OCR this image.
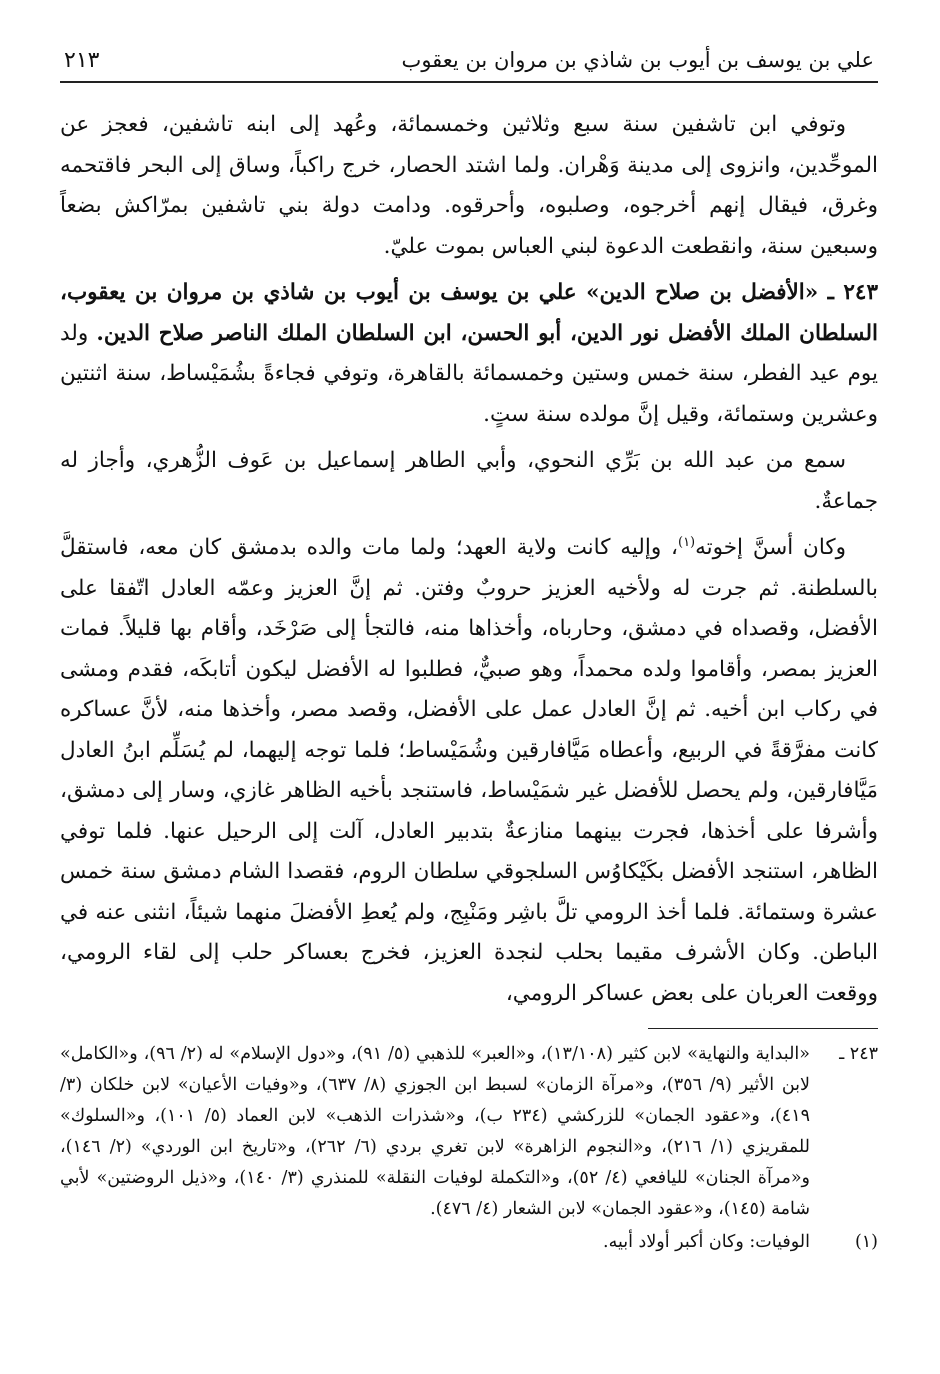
علي بن يوسف بن أيوب بن شاذي بن مروان بن يعقوب
٢١٣

وتوفي ابن تاشفين سنة سبع وثلاثين وخمسمائة، وعُهد إلى ابنه تاشفين، فعجز عن الموحِّدين، وانزوى إلى مدينة وَهْران. ولما اشتد الحصار، خرج راكباً، وساق إلى البحر فاقتحمه وغرق، فيقال إنهم أخرجوه، وصلبوه، وأحرقوه. ودامت دولة بني تاشفين بمرّاكش بضعاً وسبعين سنة، وانقطعت الدعوة لبني العباس بموت عليّ.

٢٤٣ ـ «الأفضل بن صلاح الدين» علي بن يوسف بن أيوب بن شاذي بن مروان بن يعقوب، السلطان الملك الأفضل نور الدين، أبو الحسن، ابن السلطان الملك الناصر صلاح الدين. ولد يوم عيد الفطر، سنة خمس وستين وخمسمائة بالقاهرة، وتوفي فجاءةً بشُمَيْساط، سنة اثنتين وعشرين وستمائة، وقيل إنَّ مولده سنة ستٍ.

سمع من عبد الله بن بَرِّي النحوي، وأبي الطاهر إسماعيل بن عَوف الزُّهري، وأجاز له جماعةٌ.

وكان أسنَّ إخوته$^{(١)}$، وإليه كانت ولاية العهد؛ ولما مات والده بدمشق كان معه، فاستقلَّ بالسلطنة. ثم جرت له ولأخيه العزيز حروبٌ وفتن. ثم إنَّ العزيز وعمّه العادل اتّفقا على الأفضل، وقصداه في دمشق، وحارباه، وأخذاها منه، فالتجأ إلى صَرْخَد، وأقام بها قليلاً. فمات العزيز بمصر، وأقاموا ولده محمداً، وهو صبيٌّ، فطلبوا له الأفضل ليكون أتابكَه، فقدم ومشى في ركاب ابن أخيه. ثم إنَّ العادل عمل على الأفضل، وقصد مصر، وأخذها منه، لأنَّ عساكره كانت مفرَّقةً في الربيع، وأعطاه مَيَّافارقين وشُمَيْساط؛ فلما توجه إليهما، لم يُسَلِّم ابنُ العادل مَيَّافارقين، ولم يحصل للأفضل غير شمَيْساط، فاستنجد بأخيه الظاهر غازي، وسار إلى دمشق، وأشرفا على أخذها، فجرت بينهما منازعةٌ بتدبير العادل، آلت إلى الرحيل عنها. فلما توفي الظاهر، استنجد الأفضل بكَيْكاوُس السلجوقي سلطان الروم، فقصدا الشام دمشق سنة خمس عشرة وستمائة. فلما أخذ الرومي تلَّ باشِر ومَنْبِج، ولم يُعطِ الأفضلَ منهما شيئاً، انثنى عنه في الباطن. وكان الأشرف مقيما بحلب لنجدة العزيز، فخرج بعساكر حلب إلى لقاء الرومي، ووقعت العربان على بعض عساكر الرومي،

٢٤٣ ـ
«البداية والنهاية» لابن كثير (١٣/١٠٨)، و«العبر» للذهبي (٥/ ٩١)، و«دول الإسلام» له (٢/ ٩٦)، و«الكامل» لابن الأثير (٩/ ٣٥٦)، و«مرآة الزمان» لسبط ابن الجوزي (٨/ ٦٣٧)، و«وفيات الأعيان» لابن خلكان (٣/ ٤١٩)، و«عقود الجمان» للزركشي (٢٣٤ ب)، و«شذرات الذهب» لابن العماد (٥/ ١٠١)، و«السلوك» للمقريزي (١/ ٢١٦)، و«النجوم الزاهرة» لابن تغري بردي (٦/ ٢٦٢)، و«تاريخ ابن الوردي» (٢/ ١٤٦)، و«مرآة الجنان» لليافعي (٤/ ٥٢)، و«التكملة لوفيات النقلة» للمنذري (٣/ ١٤٠)، و«ذيل الروضتين» لأبي شامة (١٤٥)، و«عقود الجمان» لابن الشعار (٤/ ٤٧٦).
(١)
الوفيات: وكان أكبر أولاد أبيه.
